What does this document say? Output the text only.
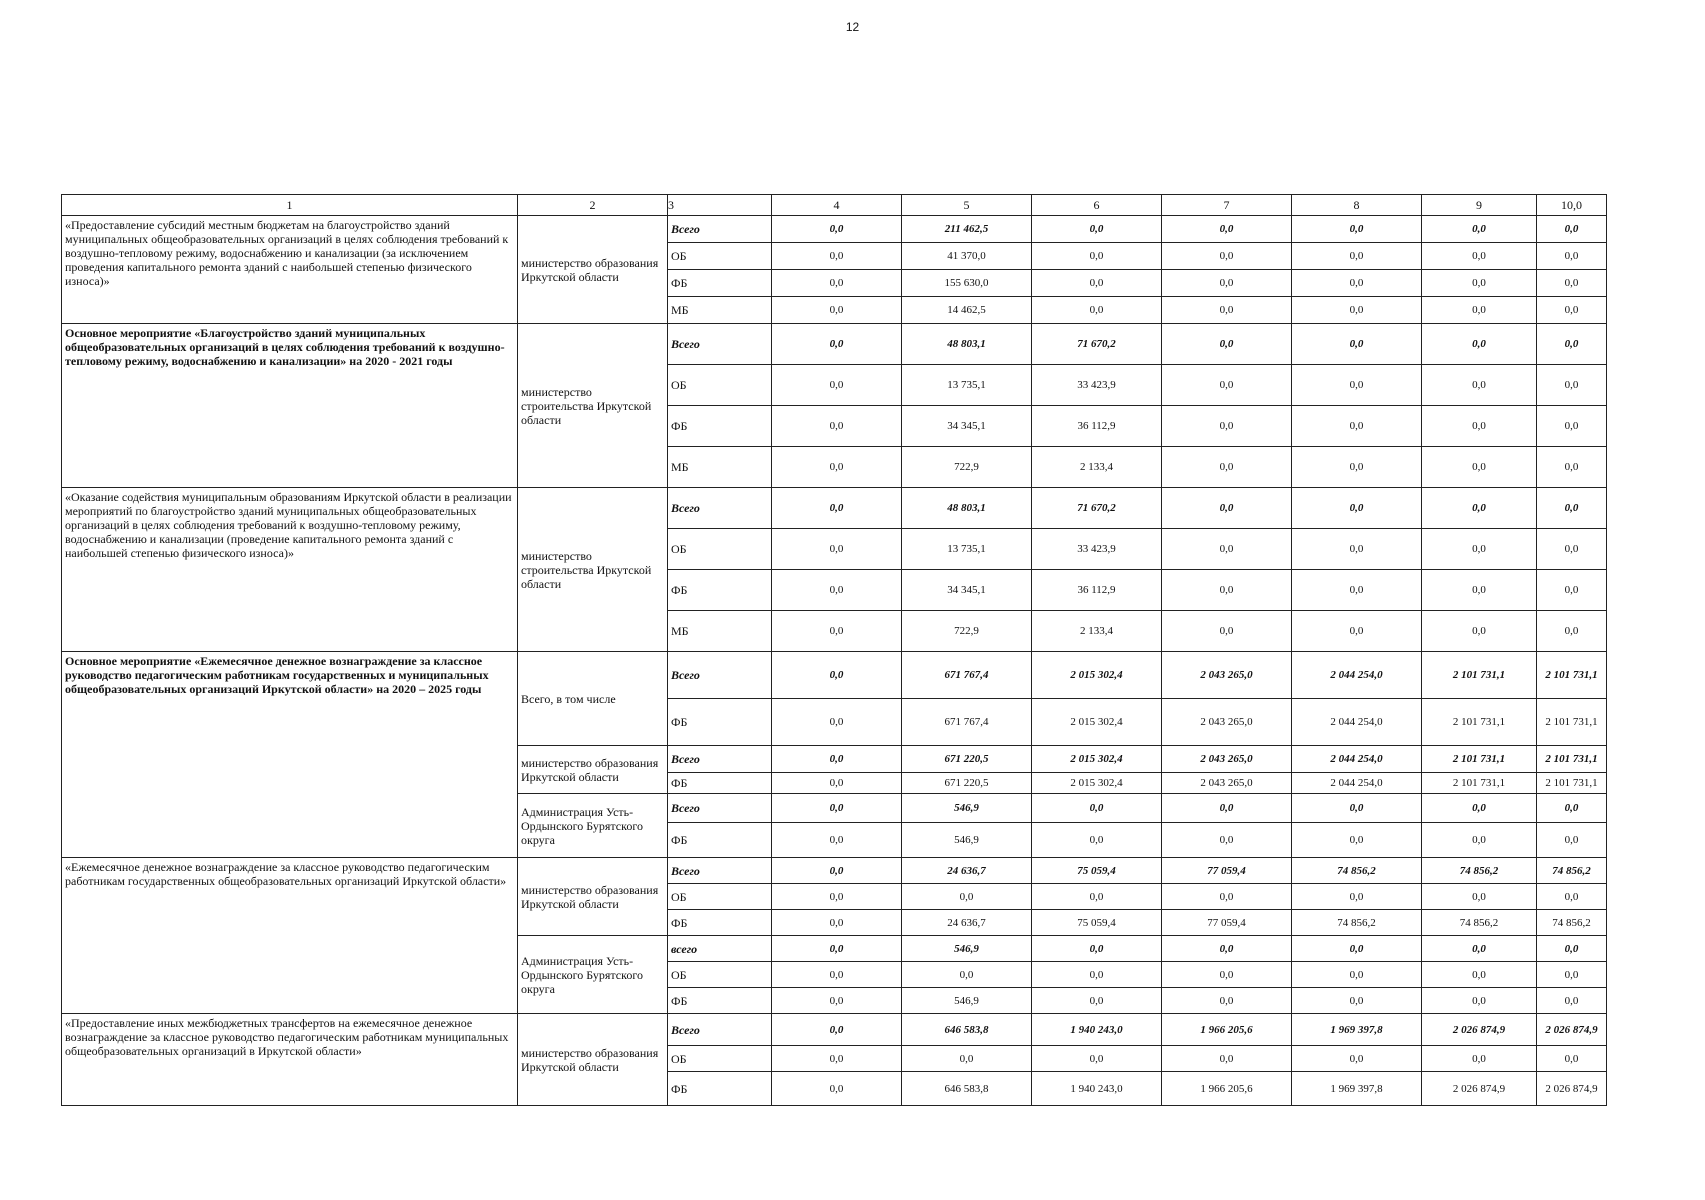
12
1	2	3	4	5	6	7	8	9	10,0
«Предоставление субсидий местным бюджетам на благоустройство зданий муниципальных общеобразовательных организаций в целях соблюдения требований к воздушно-тепловому режиму, водоснабжению и канализации (за исключением проведения капитального ремонта зданий с наибольшей степенью физического износа)»	министерство образования Иркутской области	Всего	0,0	211 462,5	0,0	0,0	0,0	0,0	0,0
		ОБ	0,0	41 370,0	0,0	0,0	0,0	0,0	0,0
		ФБ	0,0	155 630,0	0,0	0,0	0,0	0,0	0,0
		МБ	0,0	14 462,5	0,0	0,0	0,0	0,0	0,0
Основное мероприятие «Благоустройство зданий муниципальных общеобразовательных организаций в целях соблюдения требований к воздушно-тепловому режиму, водоснабжению и канализации» на 2020 - 2021 годы	министерство строительства Иркутской области	Всего	0,0	48 803,1	71 670,2	0,0	0,0	0,0	0,0
		ОБ	0,0	13 735,1	33 423,9	0,0	0,0	0,0	0,0
		ФБ	0,0	34 345,1	36 112,9	0,0	0,0	0,0	0,0
		МБ	0,0	722,9	2 133,4	0,0	0,0	0,0	0,0
«Оказание содействия муниципальным образованиям Иркутской области в реализации мероприятий по благоустройство зданий муниципальных общеобразовательных организаций в целях соблюдения требований к воздушно-тепловому режиму, водоснабжению и канализации (проведение капитального ремонта зданий с наибольшей степенью физического износа)»	министерство строительства Иркутской области	Всего	0,0	48 803,1	71 670,2	0,0	0,0	0,0	0,0
		ОБ	0,0	13 735,1	33 423,9	0,0	0,0	0,0	0,0
		ФБ	0,0	34 345,1	36 112,9	0,0	0,0	0,0	0,0
		МБ	0,0	722,9	2 133,4	0,0	0,0	0,0	0,0
Основное мероприятие «Ежемесячное денежное вознаграждение за классное руководство педагогическим работникам государственных и муниципальных общеобразовательных организаций Иркутской области» на 2020 – 2025 годы	Всего, в том числе	Всего	0,0	671 767,4	2 015 302,4	2 043 265,0	2 044 254,0	2 101 731,1	2 101 731,1
		ФБ	0,0	671 767,4	2 015 302,4	2 043 265,0	2 044 254,0	2 101 731,1	2 101 731,1
	министерство образования Иркутской области	Всего	0,0	671 220,5	2 015 302,4	2 043 265,0	2 044 254,0	2 101 731,1	2 101 731,1
		ФБ	0,0	671 220,5	2 015 302,4	2 043 265,0	2 044 254,0	2 101 731,1	2 101 731,1
	Администрация Усть-Ордынского Бурятского округа	Всего	0,0	546,9	0,0	0,0	0,0	0,0	0,0
		ФБ	0,0	546,9	0,0	0,0	0,0	0,0	0,0
«Ежемесячное денежное вознаграждение за классное руководство педагогическим работникам государственных общеобразовательных организаций Иркутской области»	министерство образования Иркутской области	Всего	0,0	24 636,7	75 059,4	77 059,4	74 856,2	74 856,2	74 856,2
		ОБ	0,0	0,0	0,0	0,0	0,0	0,0	0,0
		ФБ	0,0	24 636,7	75 059,4	77 059,4	74 856,2	74 856,2	74 856,2
	Администрация Усть-Ордынского Бурятского округа	всего	0,0	546,9	0,0	0,0	0,0	0,0	0,0
		ОБ	0,0	0,0	0,0	0,0	0,0	0,0	0,0
		ФБ	0,0	546,9	0,0	0,0	0,0	0,0	0,0
«Предоставление иных межбюджетных трансфертов на ежемесячное денежное вознаграждение за классное руководство педагогическим работникам муниципальных общеобразовательных организаций в Иркутской области»	министерство образования Иркутской области	Всего	0,0	646 583,8	1 940 243,0	1 966 205,6	1 969 397,8	2 026 874,9	2 026 874,9
		ОБ	0,0	0,0	0,0	0,0	0,0	0,0	0,0
		ФБ	0,0	646 583,8	1 940 243,0	1 966 205,6	1 969 397,8	2 026 874,9	2 026 874,9
